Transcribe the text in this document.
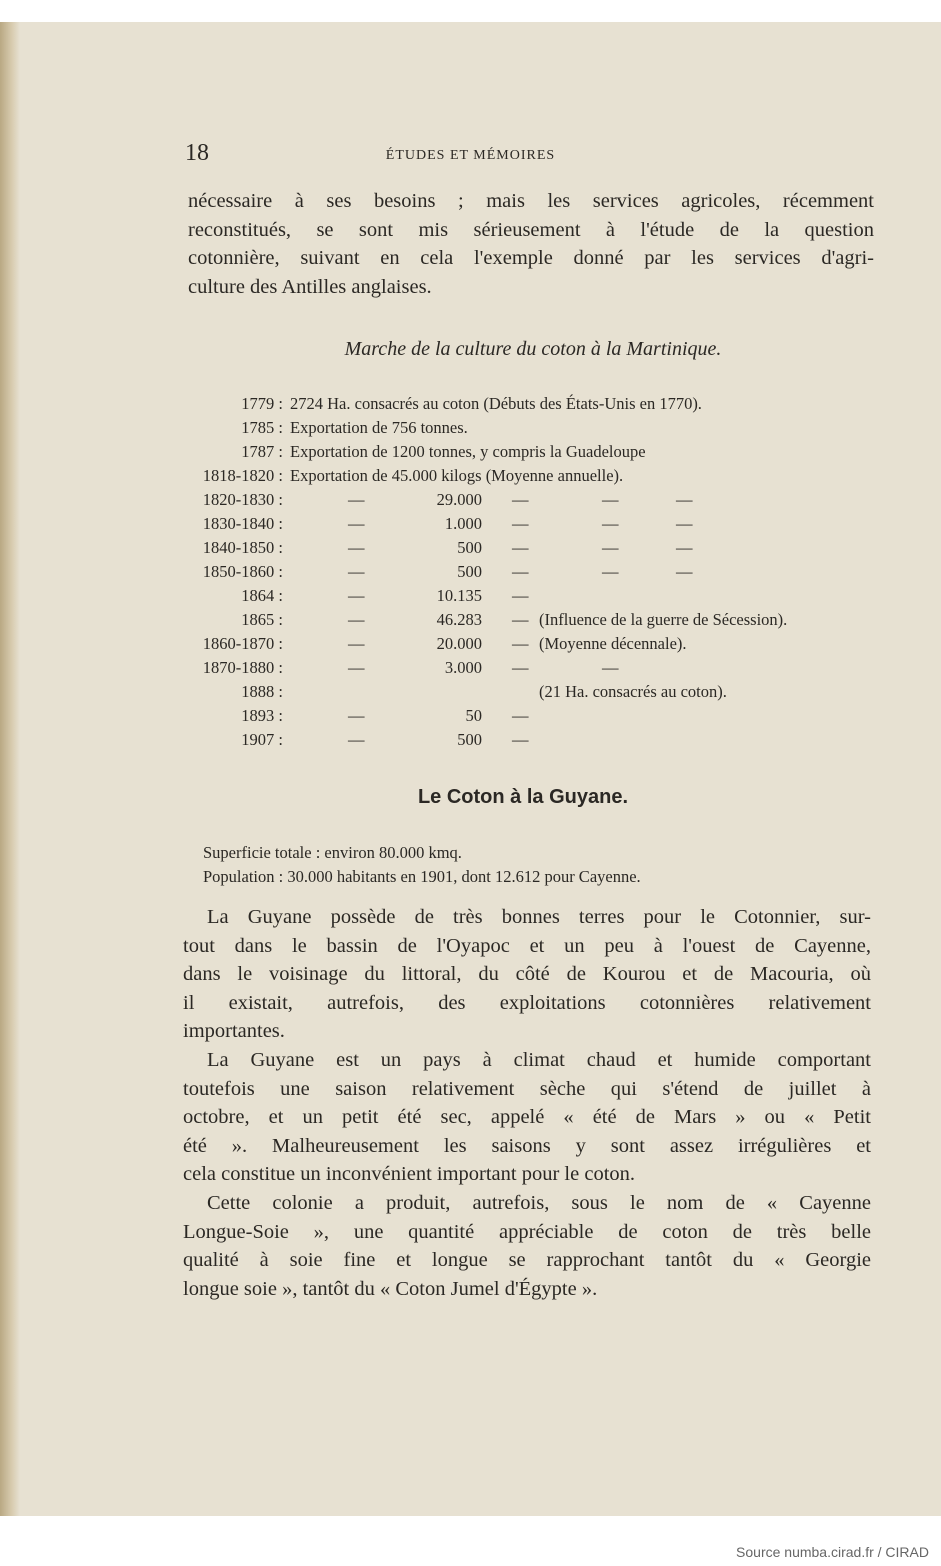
18	ÉTUDES ET MÉMOIRES
nécessaire à ses besoins ; mais les services agricoles, récemment
reconstitués, se sont mis sérieusement à l'étude de la question
cotonnière, suivant en cela l'exemple donné par les services d'agri-
culture des Antilles anglaises.
Marche de la culture du coton à la Martinique.
1779 : 2724 Ha. consacrés au coton (Débuts des États-Unis en 1770).
1785 : Exportation de 756 tonnes.
1787 : Exportation de 1200 tonnes, y compris la Guadeloupe
1818-1820 : Exportation de 45.000 kilogs (Moyenne annuelle).
1820-1830 :	—	29.000 —	—	—
1830-1840 :	—	1.000 —	—	—
1840-1850 :	—	500 —	—	—
1850-1860 :	—	500 —	—	—
1864 :	—	10.135 —
1865 :	—	46.283 — (Influence de la guerre de Sécession).
1860-1870 :	—	20.000 — (Moyenne décennale).
1870-1880 :	—	3.000 —	—
1888 :	(21 Ha. consacrés au coton).
1893 :	—	50 —
1907 :	—	500 —
Le Coton à la Guyane.
Superficie totale : environ 80.000 kmq.
Population : 30.000 habitants en 1901, dont 12.612 pour Cayenne.
La Guyane possède de très bonnes terres pour le Cotonnier, sur-
tout dans le bassin de l'Oyapoc et un peu à l'ouest de Cayenne,
dans le voisinage du littoral, du côté de Kourou et de Macouria, où
il existait, autrefois, des exploitations cotonnières relativement
importantes.
La Guyane est un pays à climat chaud et humide comportant
toutefois une saison relativement sèche qui s'étend de juillet à
octobre, et un petit été sec, appelé « été de Mars » ou « Petit
été ». Malheureusement les saisons y sont assez irrégulières et
cela constitue un inconvénient important pour le coton.
Cette colonie a produit, autrefois, sous le nom de « Cayenne
Longue-Soie », une quantité appréciable de coton de très belle
qualité à soie fine et longue se rapprochant tantôt du « Georgie
longue soie », tantôt du « Coton Jumel d'Égypte ».
Source numba.cirad.fr / CIRAD
